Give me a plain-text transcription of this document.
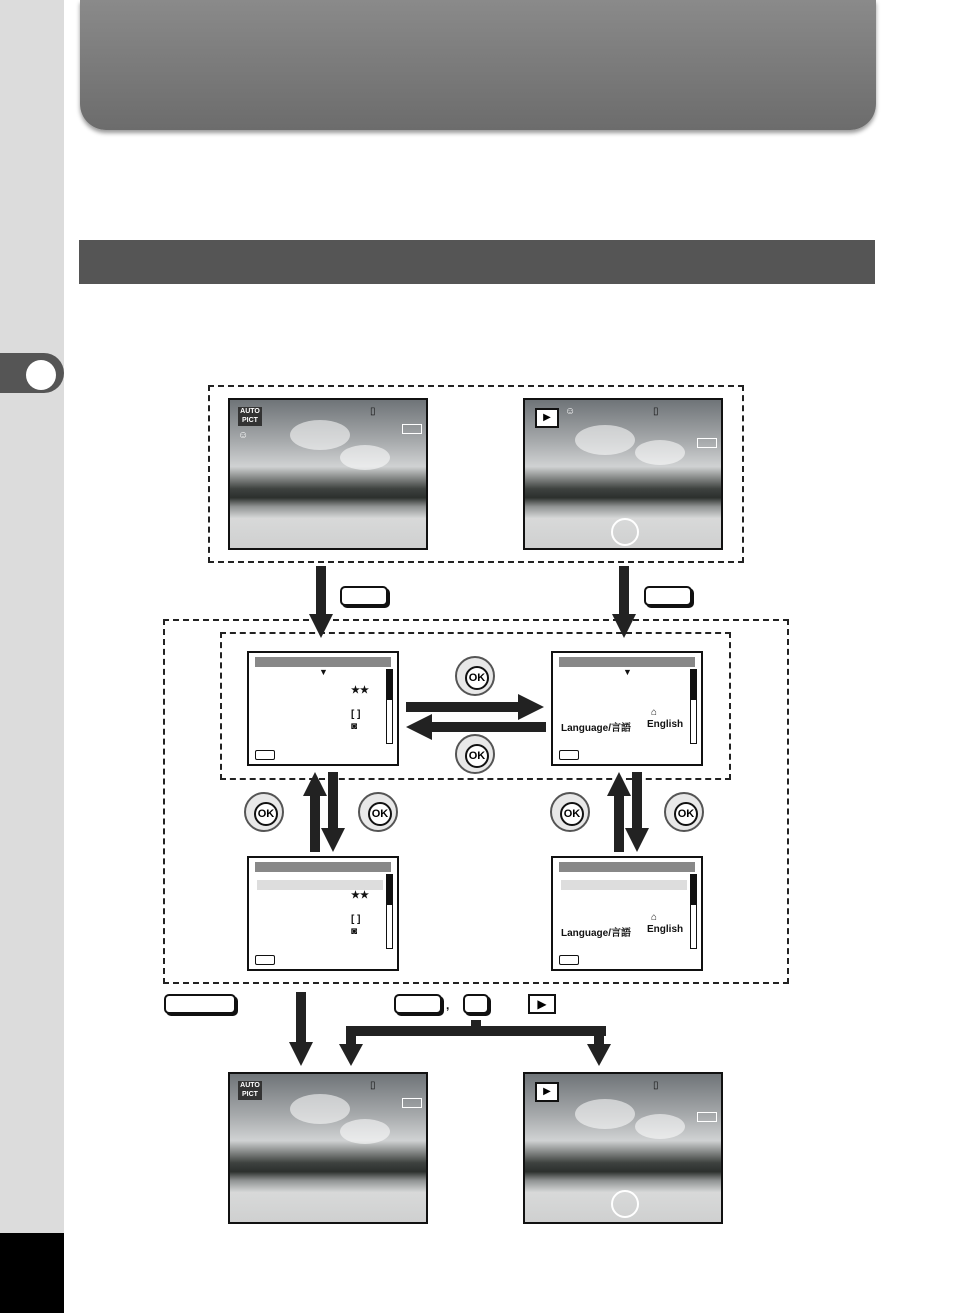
AUTO
PICT
▯
☺
▶
☺	▯
▼
★★
[ ]
◙
▼
⌂
Language/言語 English
★★
[ ]
◙
⌂
Language/言語 English
OK
OK
OK	OK	OK	OK
,	▶
AUTO
PICT
▯
▶
▯
